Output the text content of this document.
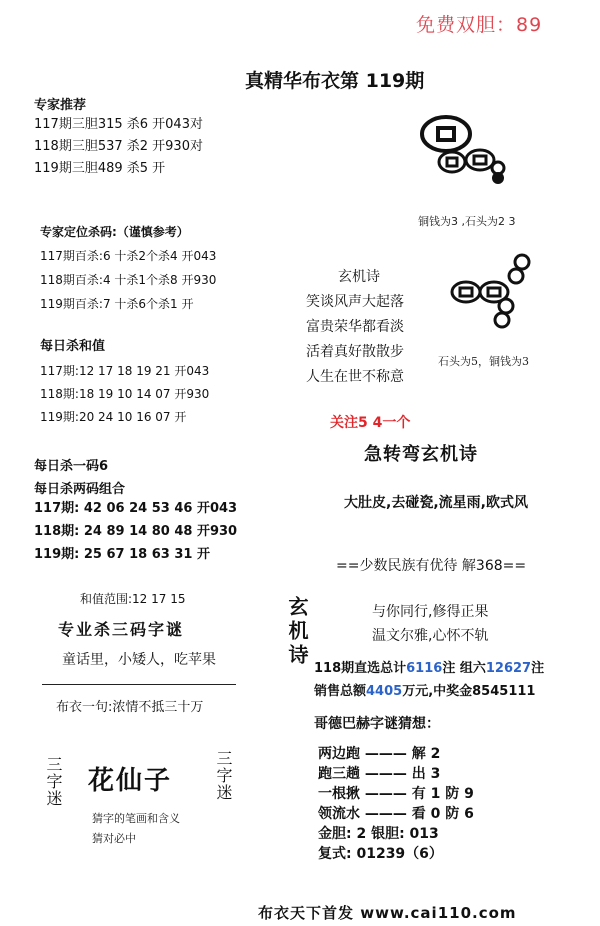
免费双胆：89
真精华布衣第 119期
专家推荐
117期三胆315 杀6 开043对
118期三胆537 杀2 开930对
119期三胆489 杀5 开
专家定位杀码:（谨慎参考）
117期百杀:6 十杀2个杀4 开043
118期百杀:4 十杀1个杀8 开930
119期百杀:7 十杀6个杀1 开
每日杀和值
117期:12 17 18 19 21 开043
118期:18 19 10 14 07 开930
119期:20 24 10 16 07 开
每日杀一码6
每日杀两码组合
117期: 42 06 24 53 46 开043
118期: 24 89 14 80 48 开930
119期: 25 67 18 63 31 开
和值范围:12 17 15
专业杀三码字谜
童话里，小矮人，吃苹果
布衣一句:浓情不抵三十万
三字迷 花仙子	三字迷
猜字的笔画和含义
猜对必中
铜钱为3 ,石头为2 3
石头为5，铜钱为3
玄机诗
笑谈风声大起落
富贵荣华都看淡
活着真好散散步
人生在世不称意
关注5 4一个
急转弯玄机诗
大肚皮,去碰瓷,流星雨,欧式风
==少数民族有优待 解368==
玄机诗	与你同行,修得正果
温文尔雅,心怀不轨
118期直选总计6116注 组六12627注
销售总额4405万元,中奖金8545111
哥德巴赫字谜猜想：
两边跑 ——— 解 2
跑三趟 ——— 出 3
一根揪 ——— 有 1 防 9
领流水 ——— 看 0 防 6
金胆: 2 银胆: 013
复式: 01239（6）
布衣天下首发 www.cai110.com
